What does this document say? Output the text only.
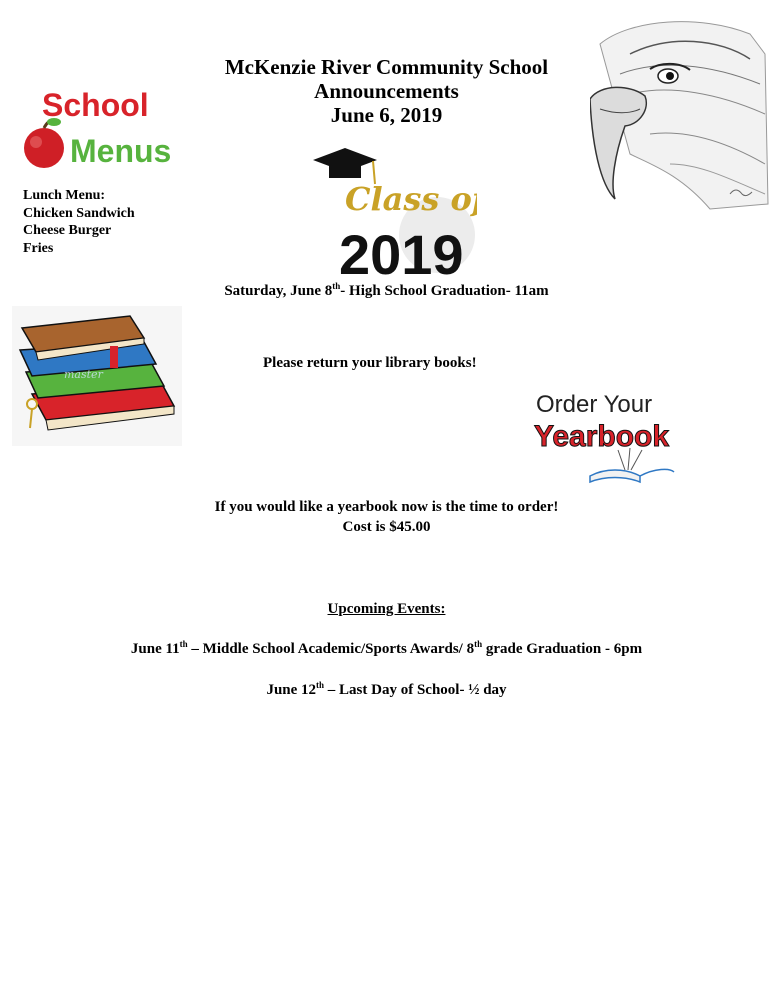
McKenzie River Community School
Announcements
June 6, 2019
School
Menus
Lunch Menu:
Chicken Sandwich
Cheese Burger
Fries
Class of
2019
Saturday, June 8th- High School Graduation- 11am
master
Please return your library books!
Order Your
Yearbook
If you would like a yearbook now is the time to order!
Cost is $45.00
Upcoming Events:
June 11th – Middle School Academic/Sports Awards/ 8th grade Graduation - 6pm
June 12th – Last Day of School- ½ day
